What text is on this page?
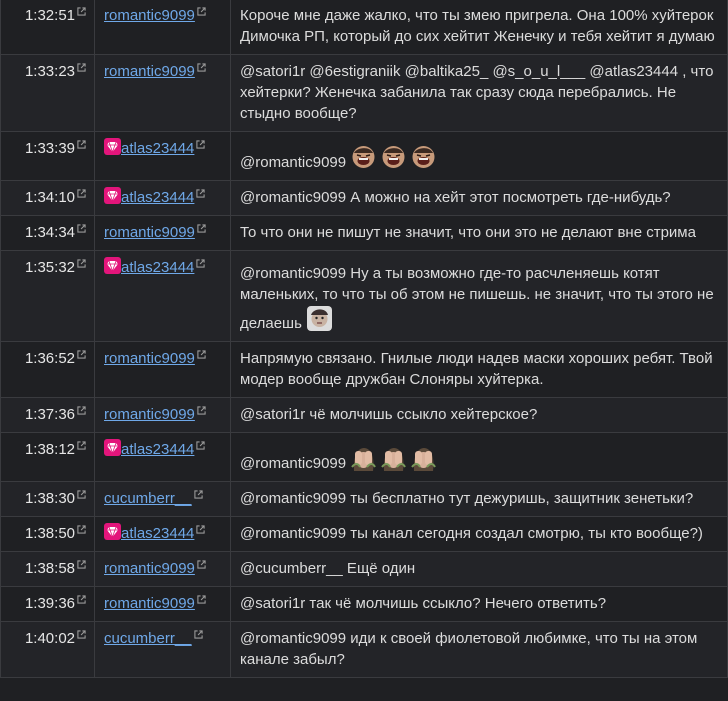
1:32:51	romantic9099	Короче мне даже жалко, что ты змею пригрела. Она 100% хуйтерок Димочка РП, который до сих хейтит Женечку и тебя хейтит я думаю
1:33:23	romantic9099	@satori1r @6estigraniik @baltika25_ @s_o_u_l___ @atlas23444 , что хейтерки? Женечка забанила так сразу сюда перебрались. Не стыдно вообще?
1:33:39	atlas23444	@romantic9099

1:34:10	atlas23444	@romantic9099 А можно на хейт этот посмотреть где-нибудь?
1:34:34	romantic9099	То что они не пишут не значит, что они это не делают вне стрима
1:35:32	atlas23444	@romantic9099 Ну а ты возможно где-то расчленяешь котят маленьких, то что ты об этом не пишешь. не значит, что ты этого не делаешь

1:36:52	romantic9099	Напрямую связано. Гнилые люди надев маски хороших ребят. Твой модер вообще дружбан Слоняры хуйтерка.
1:37:36	romantic9099	@satori1r чё молчишь ссыкло хейтерское?
1:38:12	atlas23444	@romantic9099

1:38:30	cucumberr__	@romantic9099 ты бесплатно тут дежуришь, защитник зенетьки?
1:38:50	atlas23444	@romantic9099 ты канал сегодня создал смотрю, ты кто вообще?)
1:38:58	romantic9099	@cucumberr__ Ещё один
1:39:36	romantic9099	@satori1r так чё молчишь ссыкло? Нечего ответить?
1:40:02	cucumberr__	@romantic9099 иди к своей фиолетовой любимке, что ты на этом канале забыл?
